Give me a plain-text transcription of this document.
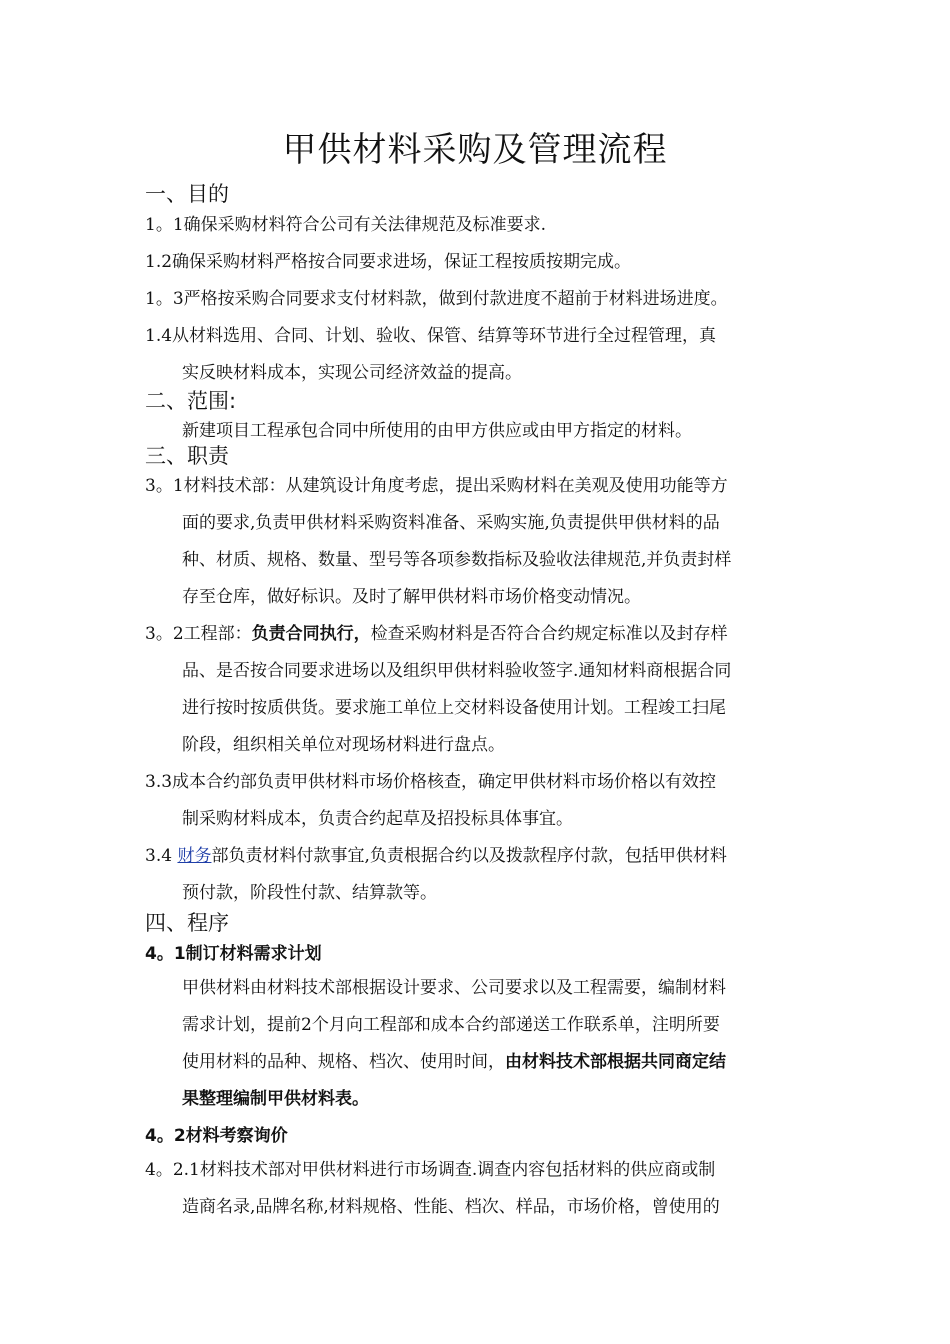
甲供材料采购及管理流程
一、目的
1。1确保采购材料符合公司有关法律规范及标准要求.
1.2确保采购材料严格按合同要求进场，保证工程按质按期完成。
1。3严格按采购合同要求支付材料款，做到付款进度不超前于材料进场进度。
1.4从材料选用、合同、计划、验收、保管、结算等环节进行全过程管理，真
实反映材料成本，实现公司经济效益的提高。
二、范围:
新建项目工程承包合同中所使用的由甲方供应或由甲方指定的材料。
三、职责
3。1材料技术部：从建筑设计角度考虑，提出采购材料在美观及使用功能等方
面的要求,负责甲供材料采购资料准备、采购实施,负责提供甲供材料的品
种、材质、规格、数量、型号等各项参数指标及验收法律规范,并负责封样
存至仓库，做好标识。及时了解甲供材料市场价格变动情况。
3。2工程部：负责合同执行，检查采购材料是否符合合约规定标准以及封存样
品、是否按合同要求进场以及组织甲供材料验收签字.通知材料商根据合同
进行按时按质供货。要求施工单位上交材料设备使用计划。工程竣工扫尾
阶段，组织相关单位对现场材料进行盘点。
3.3成本合约部负责甲供材料市场价格核查，确定甲供材料市场价格以有效控
制采购材料成本，负责合约起草及招投标具体事宜。
3.4 财务部负责材料付款事宜,负责根据合约以及拨款程序付款，包括甲供材料
预付款，阶段性付款、结算款等。
四、程序
4。1制订材料需求计划
甲供材料由材料技术部根据设计要求、公司要求以及工程需要，编制材料
需求计划，提前2个月向工程部和成本合约部递送工作联系单，注明所要
使用材料的品种、规格、档次、使用时间，由材料技术部根据共同商定结
果整理编制甲供材料表。
4。2材料考察询价
4。2.1材料技术部对甲供材料进行市场调查.调查内容包括材料的供应商或制
造商名录,品牌名称,材料规格、性能、档次、样品，市场价格，曾使用的
